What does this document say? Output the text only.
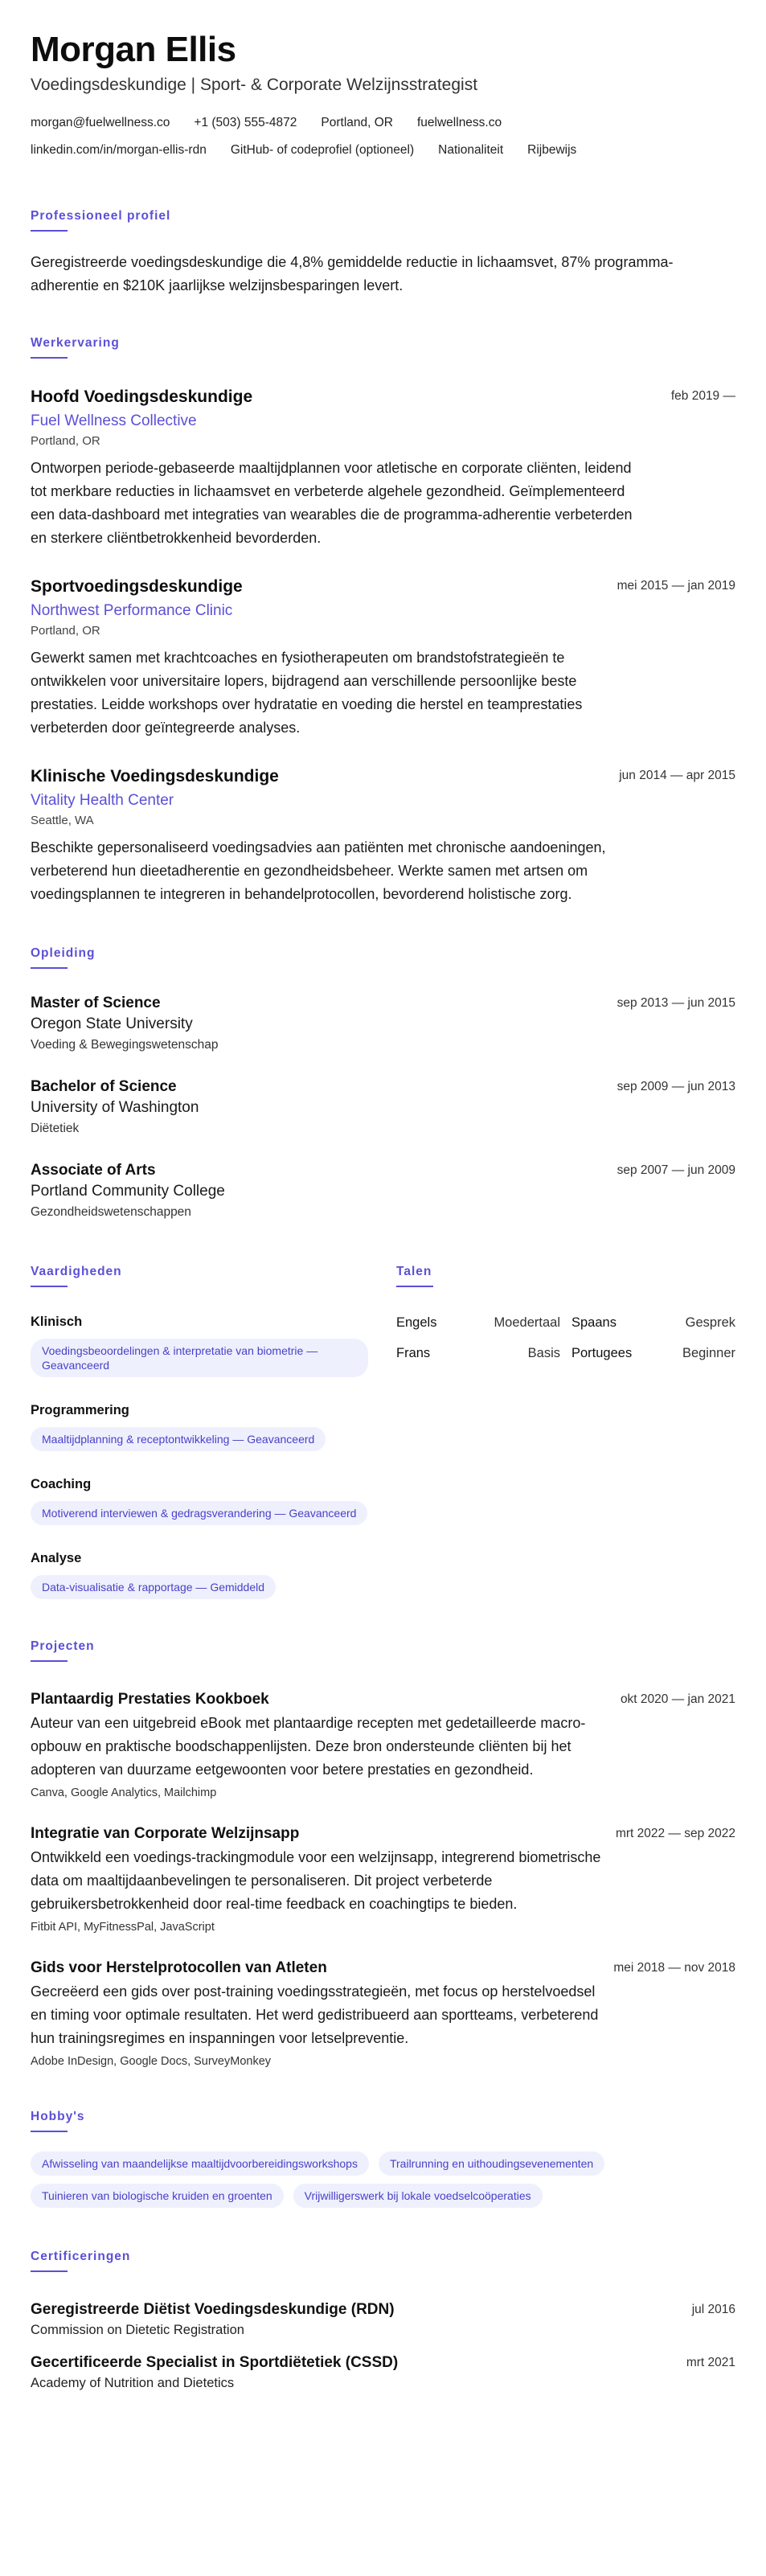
Morgan Ellis
Voedingsdeskundige | Sport- & Corporate Welzijnsstrategist
morgan@fuelwellness.co +1 (503) 555-4872 Portland, OR fuelwellness.co
linkedin.com/in/morgan-ellis-rdn GitHub- of codeprofiel (optioneel) Nationaliteit Rijbewijs
Professioneel profiel
Geregistreerde voedingsdeskundige die 4,8% gemiddelde reductie in lichaamsvet, 87% programma-adherentie en $210K jaarlijkse welzijnsbesparingen levert.
Werkervaring
Hoofd Voedingsdeskundige
Fuel Wellness Collective
Portland, OR
Ontworpen periode-gebaseerde maaltijdplannen voor atletische en corporate cliënten, leidend tot merkbare reducties in lichaamsvet en verbeterde algehele gezondheid. Geïmplementeerd een data-dashboard met integraties van wearables die de programma-adherentie verbeterden en sterkere cliëntbetrokkenheid bevorderden.
feb 2019 —
Sportvoedingsdeskundige
Northwest Performance Clinic
Portland, OR
Gewerkt samen met krachtcoaches en fysiotherapeuten om brandstofstrategieën te ontwikkelen voor universitaire lopers, bijdragend aan verschillende persoonlijke beste prestaties. Leidde workshops over hydratatie en voeding die herstel en teamprestaties verbeterden door geïntegreerde analyses.
mei 2015 — jan 2019
Klinische Voedingsdeskundige
Vitality Health Center
Seattle, WA
Beschikte gepersonaliseerd voedingsadvies aan patiënten met chronische aandoeningen, verbeterend hun dieetadherentie en gezondheidsbeheer. Werkte samen met artsen om voedingsplannen te integreren in behandelprotocollen, bevorderend holistische zorg.
jun 2014 — apr 2015
Opleiding
Master of Science
Oregon State University
Voeding & Bewegingswetenschap
sep 2013 — jun 2015
Bachelor of Science
University of Washington
Diëtetiek
sep 2009 — jun 2013
Associate of Arts
Portland Community College
Gezondheidswetenschappen
sep 2007 — jun 2009
Vaardigheden
Klinisch
Voedingsbeoordelingen & interpretatie van biometrie — Geavanceerd
Programmering
Maaltijdplanning & receptontwikkeling — Geavanceerd
Coaching
Motiverend interviewen & gedragsverandering — Geavanceerd
Analyse
Data-visualisatie & rapportage — Gemiddeld
Talen
Engels	Moedertaal Spaans	Gesprek
Frans	Basis Portugees	Beginner
Projecten
Plantaardig Prestaties Kookboek
Auteur van een uitgebreid eBook met plantaardige recepten met gedetailleerde macro-opbouw en praktische boodschappenlijsten. Deze bron ondersteunde cliënten bij het adopteren van duurzame eetgewoonten voor betere prestaties en gezondheid.
Canva, Google Analytics, Mailchimp
okt 2020 — jan 2021
Integratie van Corporate Welzijnsapp
Ontwikkeld een voedings-trackingmodule voor een welzijnsapp, integrerend biometrische data om maaltijdaanbevelingen te personaliseren. Dit project verbeterde gebruikersbetrokkenheid door real-time feedback en coachingtips te bieden.
Fitbit API, MyFitnessPal, JavaScript
mrt 2022 — sep 2022
Gids voor Herstelprotocollen van Atleten
Gecreëerd een gids over post-training voedingsstrategieën, met focus op herstelvoedsel en timing voor optimale resultaten. Het werd gedistribueerd aan sportteams, verbeterend hun trainingsregimes en inspanningen voor letselpreventie.
Adobe InDesign, Google Docs, SurveyMonkey
mei 2018 — nov 2018
Hobby's
Afwisseling van maandelijkse maaltijdvoorbereidingsworkshops	Trailrunning en uithoudingsevenementen
Tuinieren van biologische kruiden en groenten	Vrijwilligerswerk bij lokale voedselcoöperaties
Certificeringen
Geregistreerde Diëtist Voedingsdeskundige (RDN)
Commission on Dietetic Registration
jul 2016
Gecertificeerde Specialist in Sportdiëtetiek (CSSD)
Academy of Nutrition and Dietetics
mrt 2021
